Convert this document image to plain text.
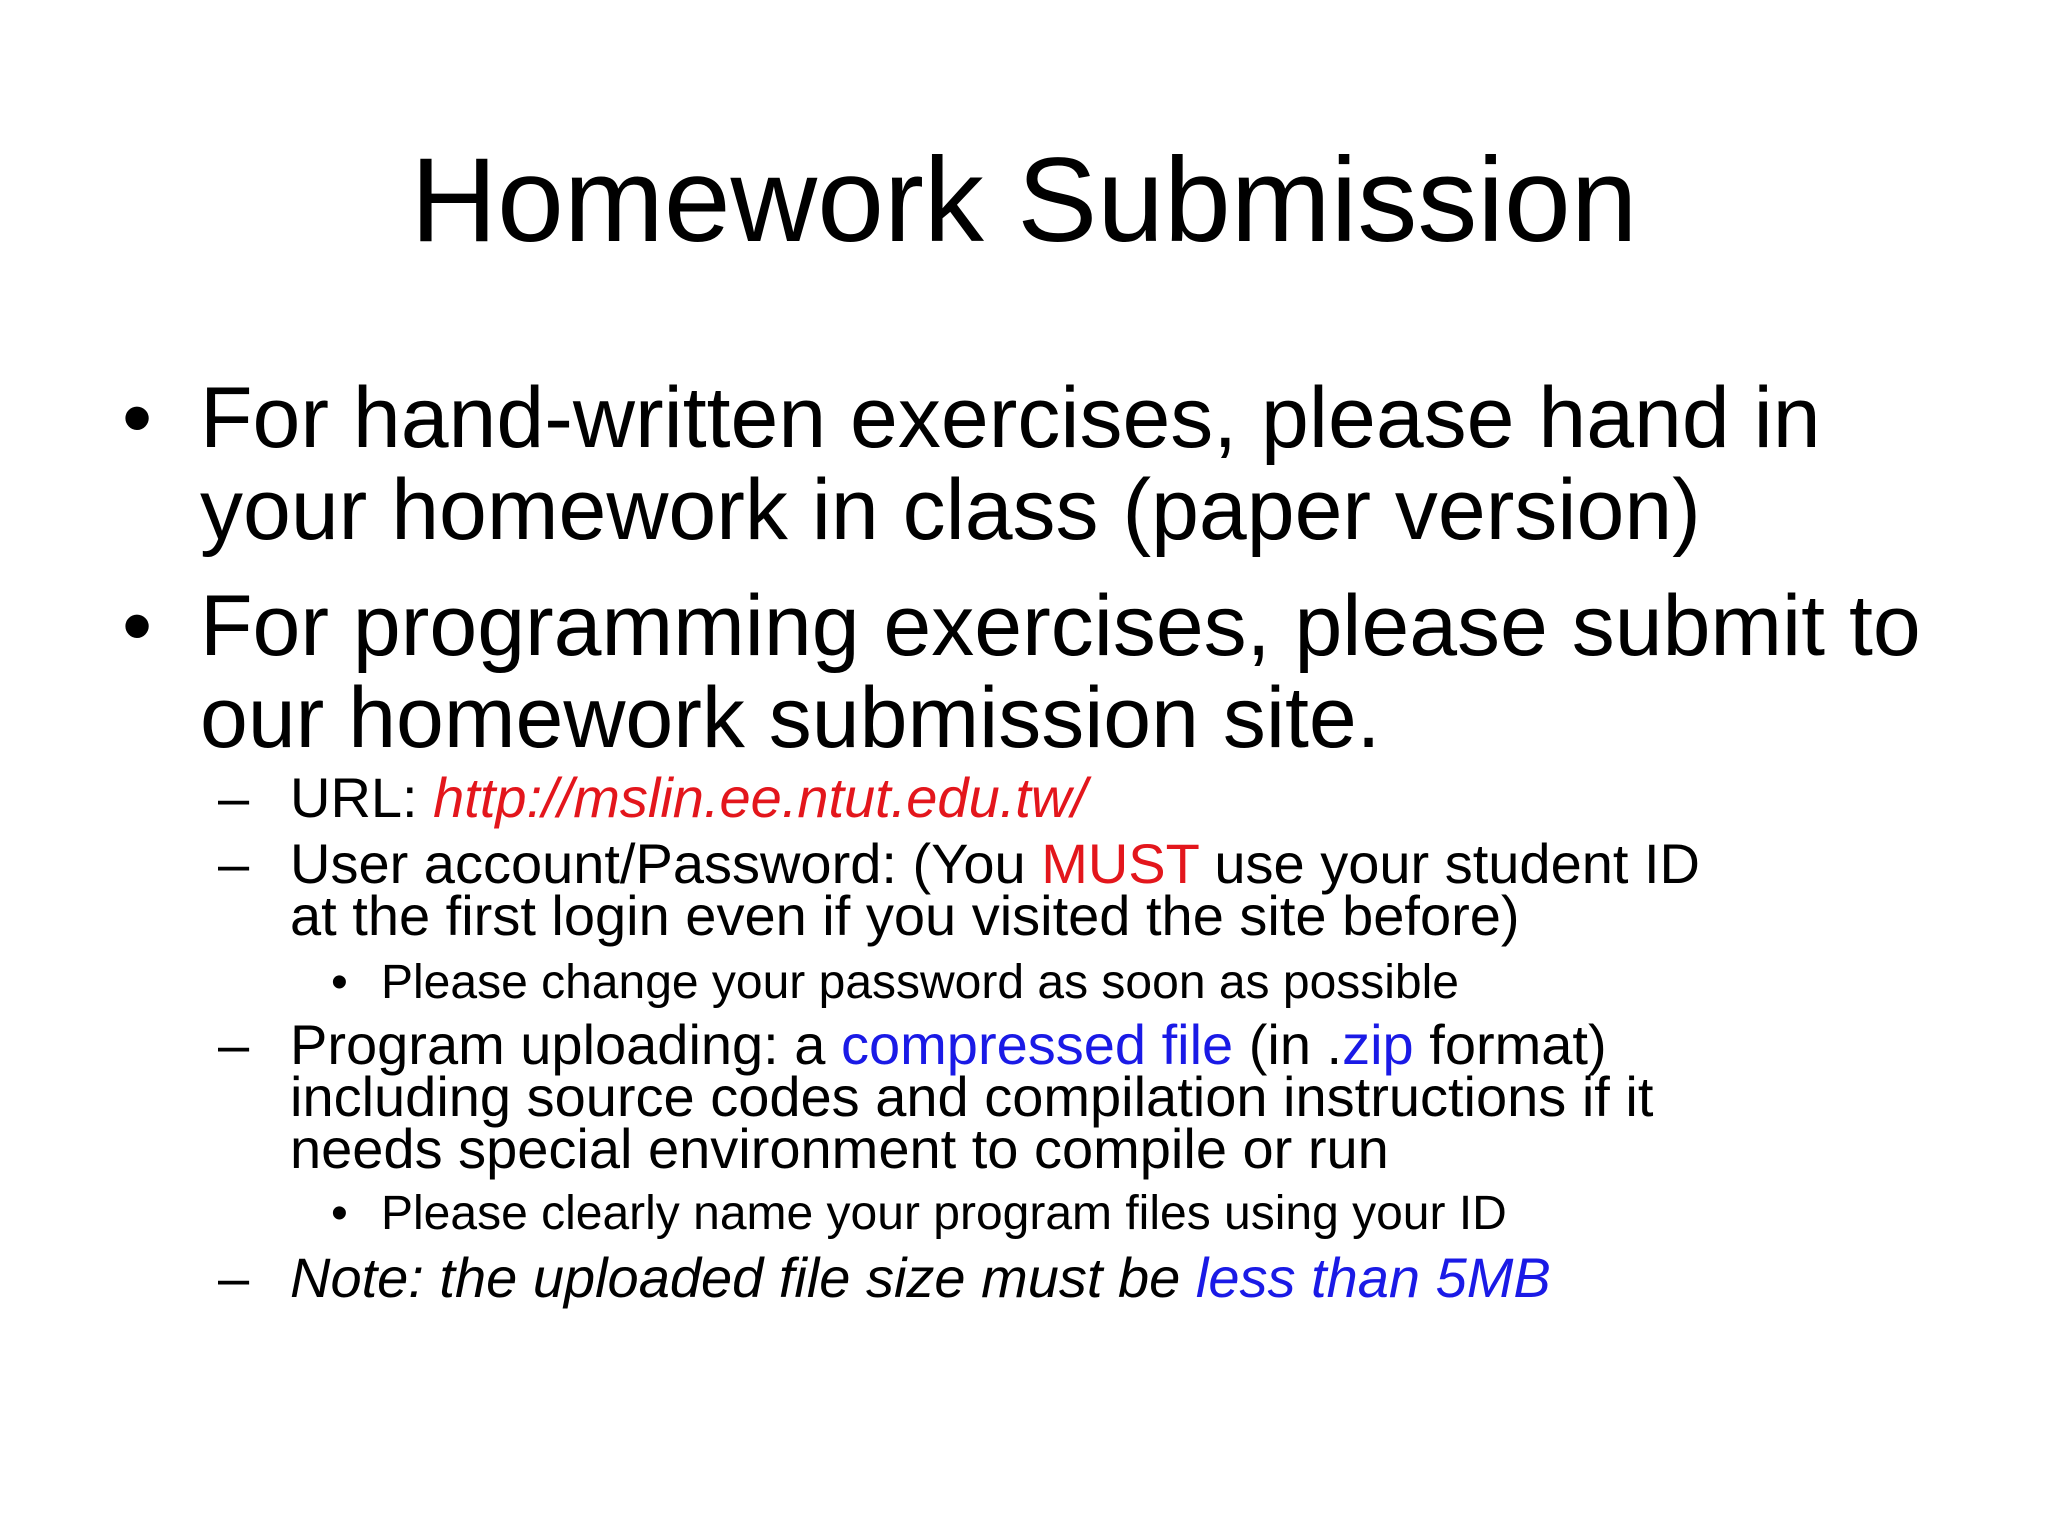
Homework Submission
• For hand-written exercises, please hand in
your homework in class (paper version)
• For programming exercises, please submit to
our homework submission site.
– URL: http://mslin.ee.ntut.edu.tw/
– User account/Password: (You MUST use your student ID
at the first login even if you visited the site before)
• Please change your password as soon as possible
– Program uploading: a compressed file (in .zip format)
including source codes and compilation instructions if it
needs special environment to compile or run
• Please clearly name your program files using your ID
– Note: the uploaded file size must be less than 5MB
